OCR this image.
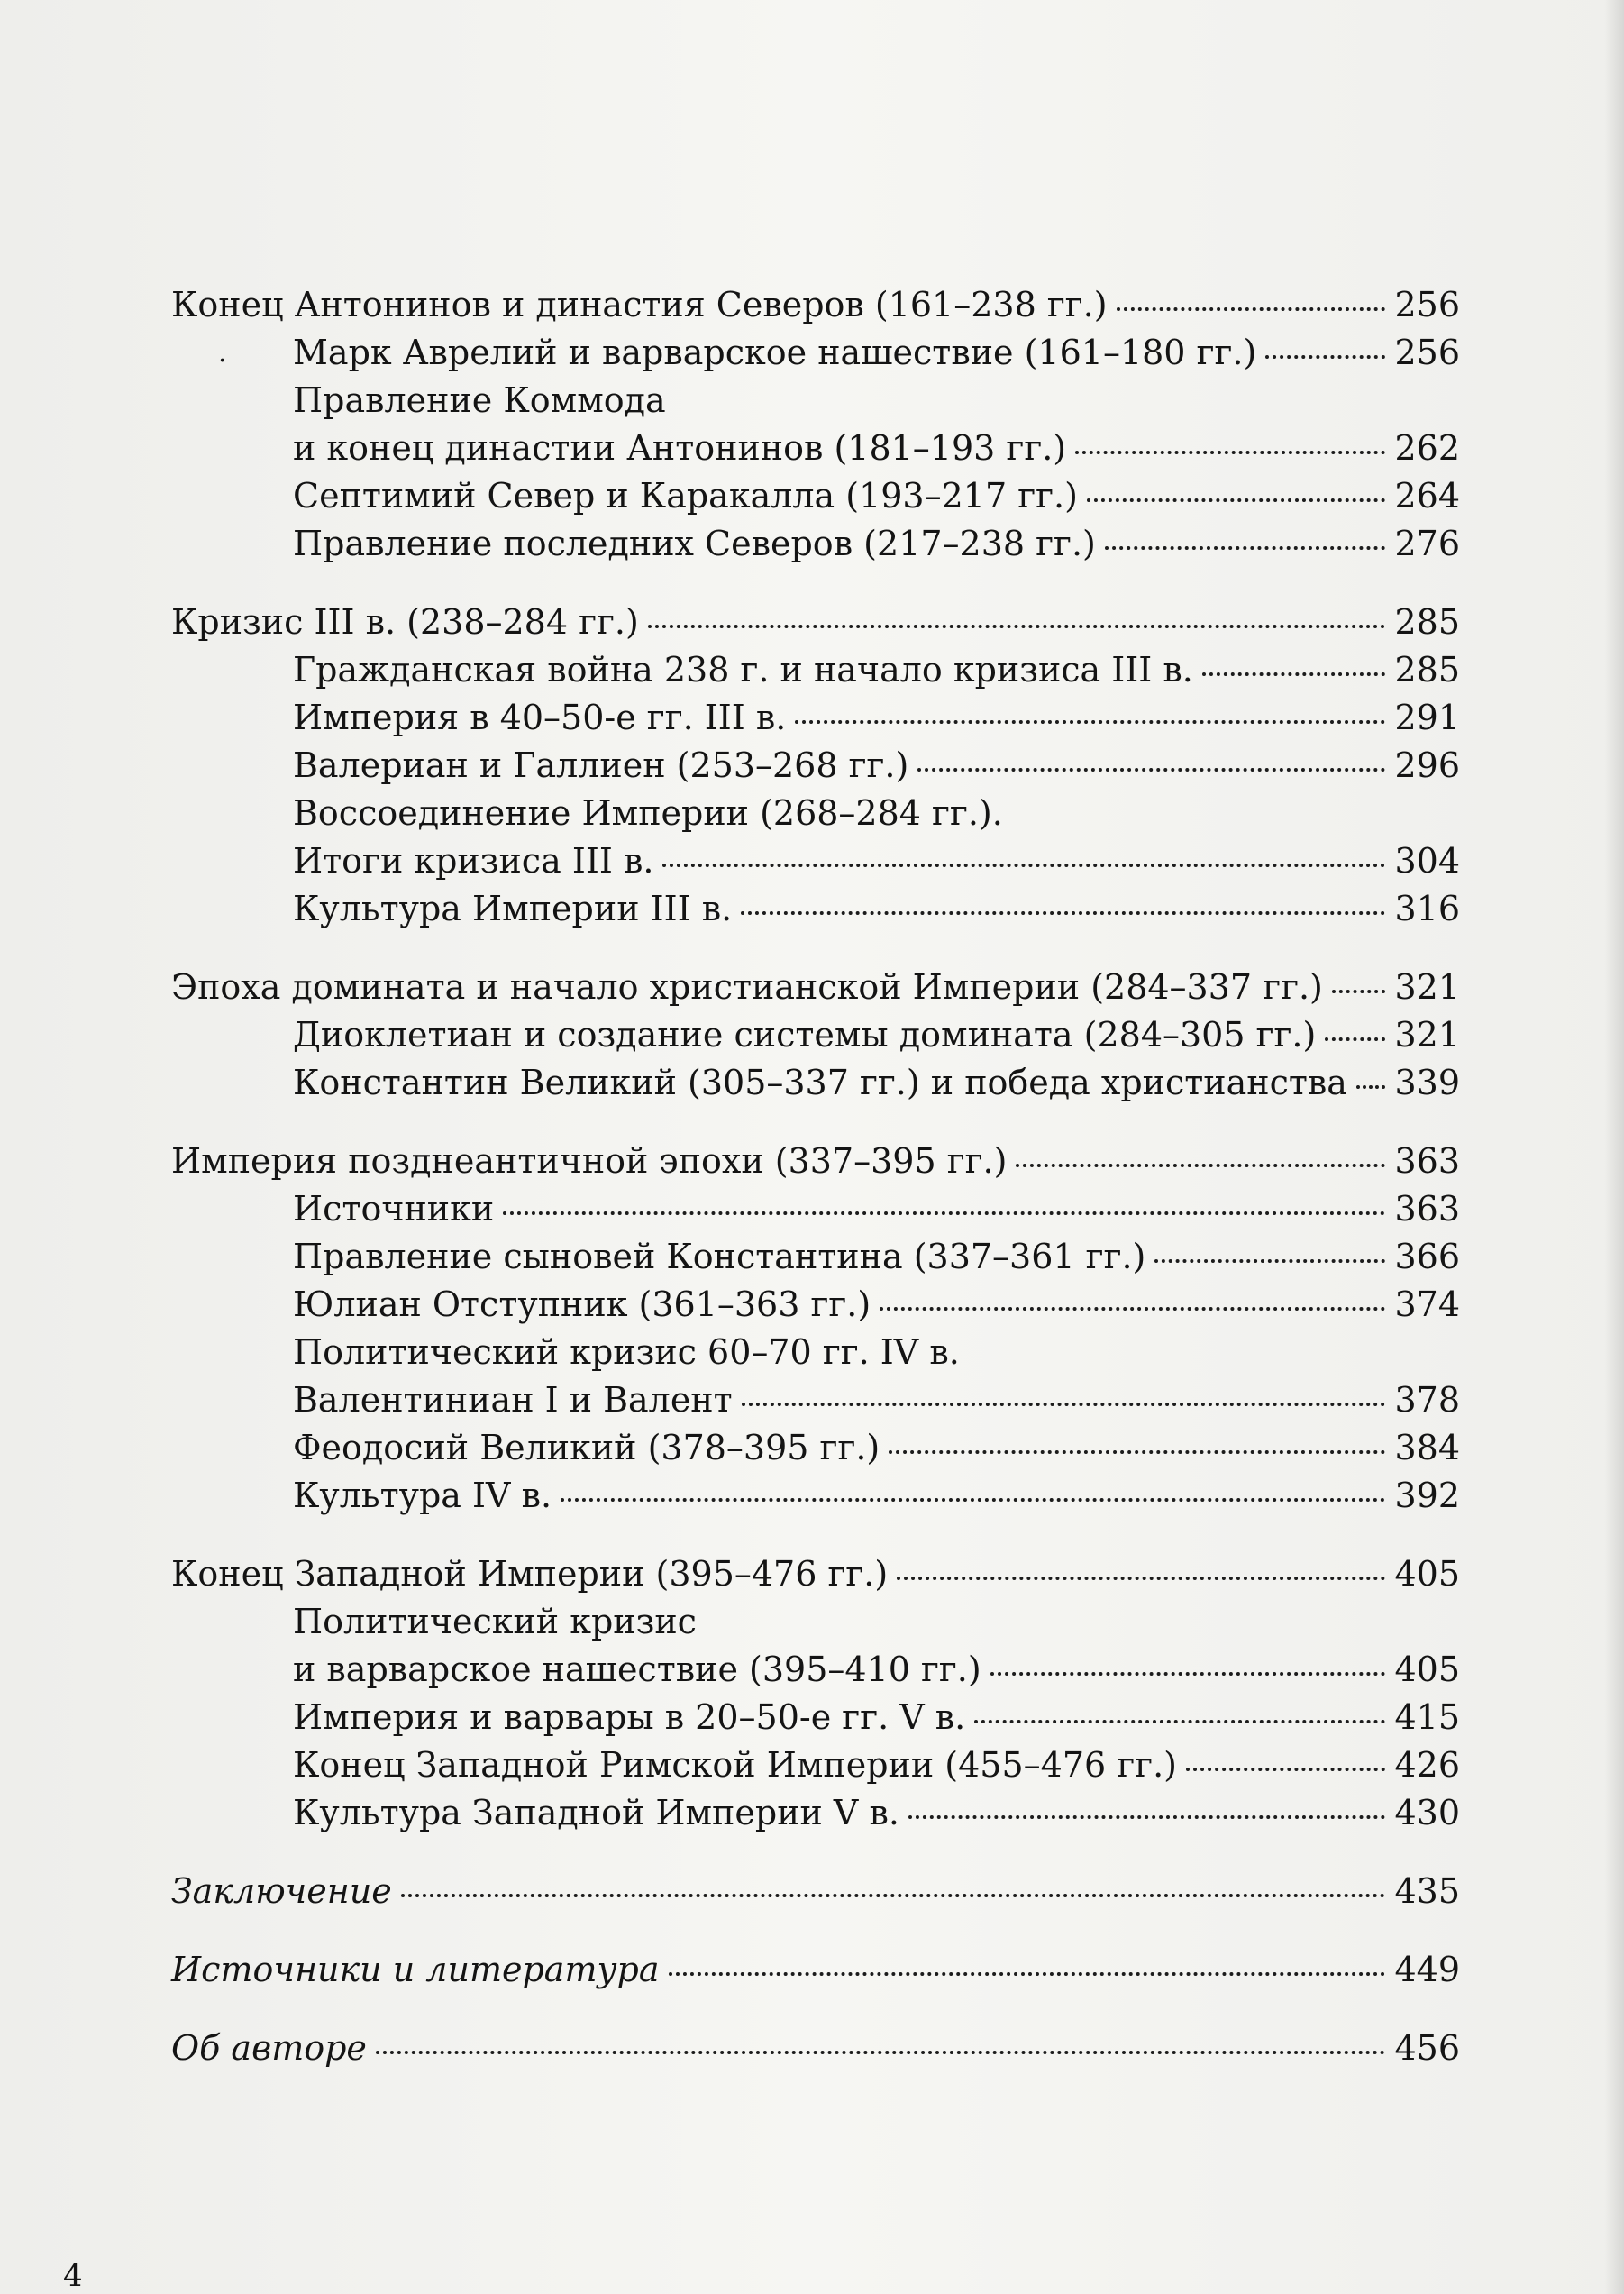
Конец Антонинов и династия Северов (161–238 гг.)	256
. Марк Аврелий и варварское нашествие (161–180 гг.)	256
Правление Коммода
и конец династии Антонинов (181–193 гг.)	262
Септимий Север и Каракалла (193–217 гг.)	264
Правление последних Северов (217–238 гг.)	276
Кризис III в. (238–284 гг.)	285
Гражданская война 238 г. и начало кризиса III в.	285
Империя в 40–50-е гг. III в.	291
Валериан и Галлиен (253–268 гг.)	296
Воссоединение Империи (268–284 гг.).
Итоги кризиса III в.	304
Культура Империи III в.	316
Эпоха домината и начало христианской Империи (284–337 гг.) 321
Диоклетиан и создание системы домината (284–305 гг.) 321
Константин Великий (305–337 гг.) и победа христианства 339
Империя позднеантичной эпохи (337–395 гг.)	363
Источники	363
Правление сыновей Константина (337–361 гг.)	366
Юлиан Отступник (361–363 гг.)	374
Политический кризис 60–70 гг. IV в.
Валентиниан I и Валент	378
Феодосий Великий (378–395 гг.)	384
Культура IV в.	392
Конец Западной Империи (395–476 гг.)	405
Политический кризис
и варварское нашествие (395–410 гг.)	405
Империя и варвары в 20–50-е гг. V в.	415
Конец Западной Римской Империи (455–476 гг.)	426
Культура Западной Империи V в.	430
Заключение	435
Источники и литература	449
Об авторе	456
4
